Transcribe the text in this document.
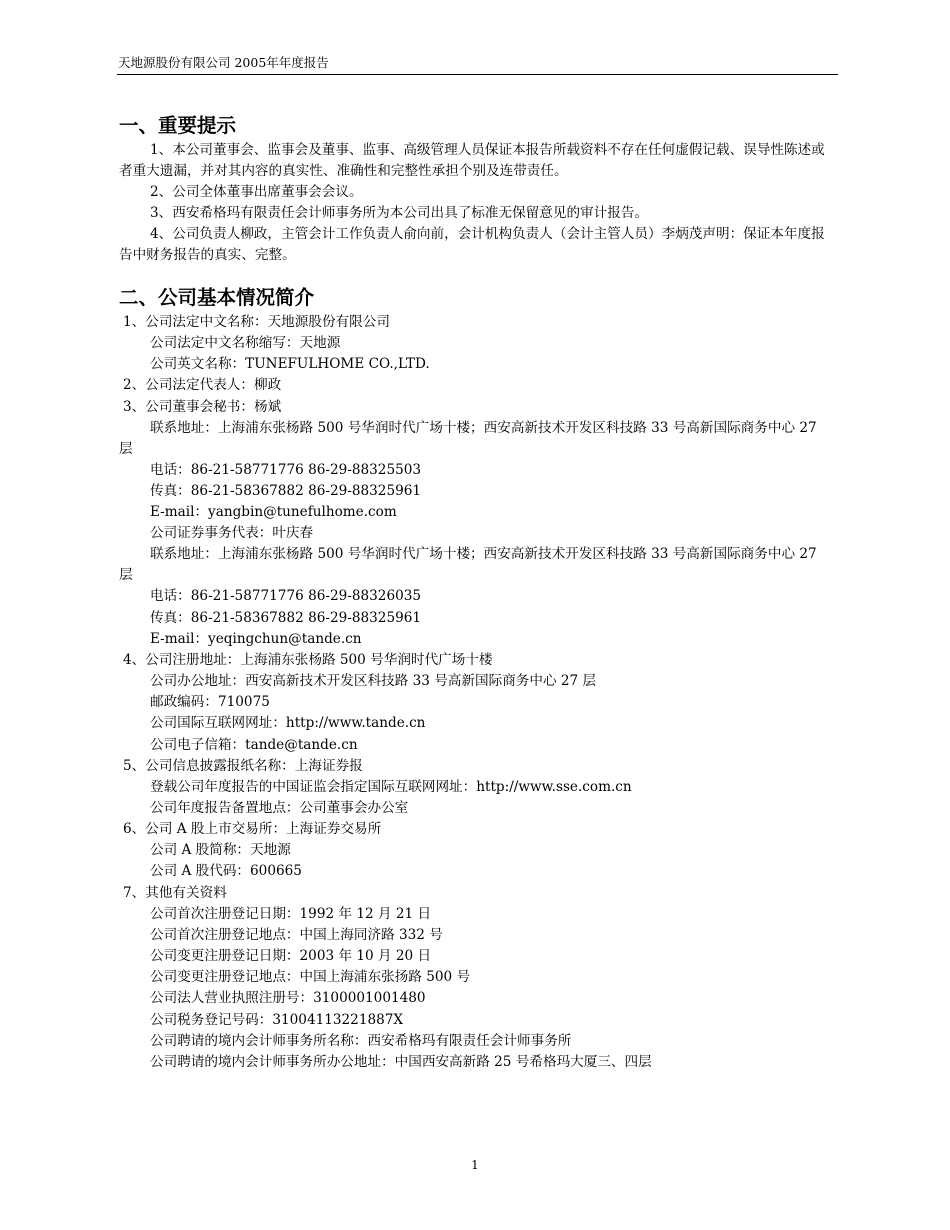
天地源股份有限公司 2005年年度报告
一、重要提示

1、本公司董事会、监事会及董事、监事、高级管理人员保证本报告所载资料不存在任何虚假记载、误导性陈述或者重大遗漏，并对其内容的真实性、准确性和完整性承担个别及连带责任。

2、公司全体董事出席董事会会议。

3、西安希格玛有限责任会计师事务所为本公司出具了标准无保留意见的审计报告。

4、公司负责人柳政，主管会计工作负责人俞向前，会计机构负责人（会计主管人员）李炳茂声明：保证本年度报告中财务报告的真实、完整。

二、公司基本情况简介

1、公司法定中文名称：天地源股份有限公司

公司法定中文名称缩写：天地源

公司英文名称：TUNEFULHOME CO.,LTD.

2、公司法定代表人：柳政

3、公司董事会秘书：杨斌

联系地址：上海浦东张杨路 500 号华润时代广场十楼；西安高新技术开发区科技路 33 号高新国际商务中心 27 层

电话：86-21-58771776 86-29-88325503

传真：86-21-58367882 86-29-88325961

E-mail：yangbin@tunefulhome.com

公司证券事务代表：叶庆春

联系地址：上海浦东张杨路 500 号华润时代广场十楼；西安高新技术开发区科技路 33 号高新国际商务中心 27 层

电话：86-21-58771776 86-29-88326035

传真：86-21-58367882 86-29-88325961

E-mail：yeqingchun@tande.cn

4、公司注册地址：上海浦东张杨路 500 号华润时代广场十楼

公司办公地址：西安高新技术开发区科技路 33 号高新国际商务中心 27 层

邮政编码：710075

公司国际互联网网址：http://www.tande.cn

公司电子信箱：tande@tande.cn

5、公司信息披露报纸名称：上海证券报

登载公司年度报告的中国证监会指定国际互联网网址：http://www.sse.com.cn

公司年度报告备置地点：公司董事会办公室

6、公司 A 股上市交易所：上海证券交易所

公司 A 股简称：天地源

公司 A 股代码：600665

7、其他有关资料

公司首次注册登记日期：1992 年 12 月 21 日

公司首次注册登记地点：中国上海同济路 332 号

公司变更注册登记日期：2003 年 10 月 20 日

公司变更注册登记地点：中国上海浦东张扬路 500 号

公司法人营业执照注册号：3100001001480

公司税务登记号码：31004113221887X

公司聘请的境内会计师事务所名称：西安希格玛有限责任会计师事务所

公司聘请的境内会计师事务所办公地址：中国西安高新路 25 号希格玛大厦三、四层

1
